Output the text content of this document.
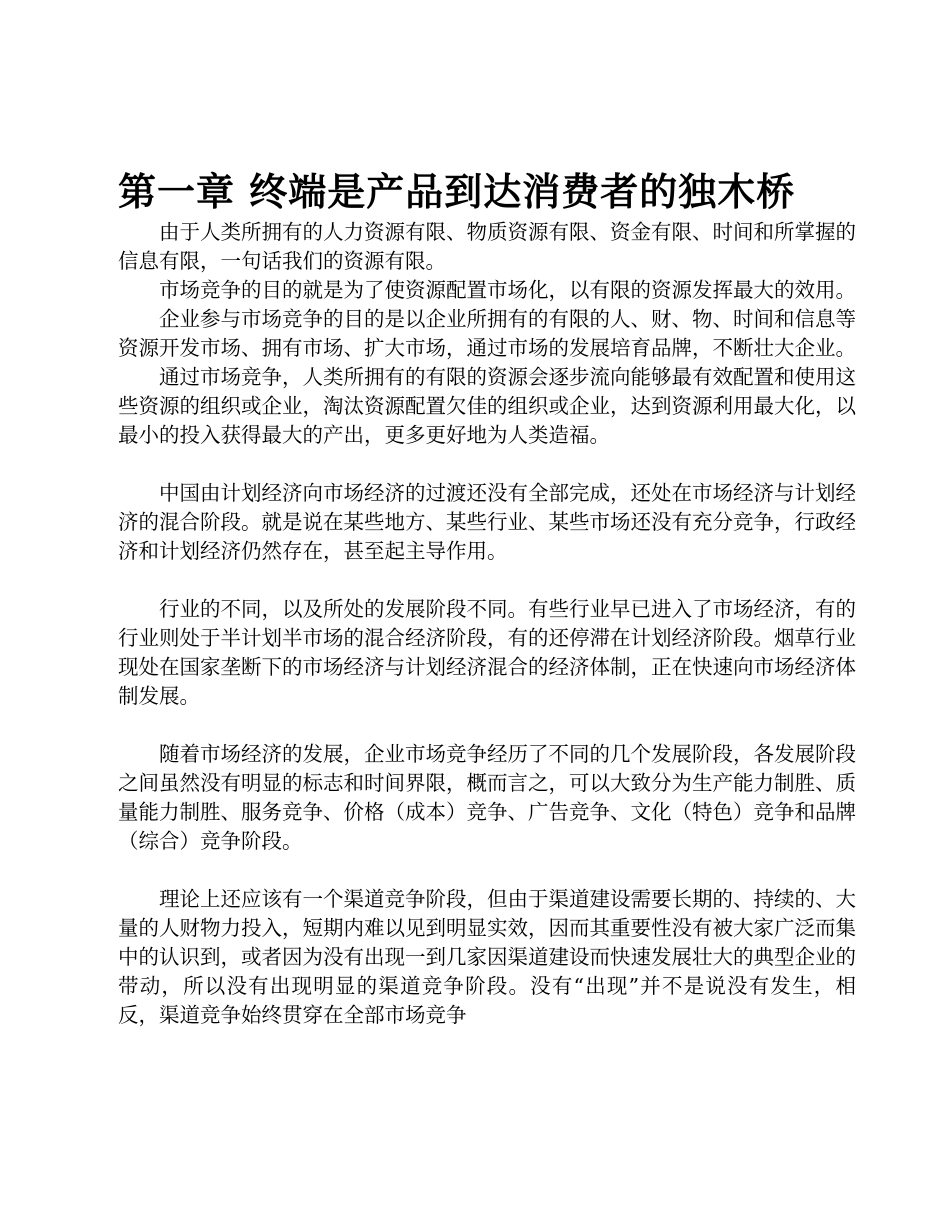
第一章 终端是产品到达消费者的独木桥

由于人类所拥有的人力资源有限、物质资源有限、资金有限、时间和所掌握的信息有限，一句话我们的资源有限。

市场竞争的目的就是为了使资源配置市场化，以有限的资源发挥最大的效用。

企业参与市场竞争的目的是以企业所拥有的有限的人、财、物、时间和信息等资源开发市场、拥有市场、扩大市场，通过市场的发展培育品牌，不断壮大企业。

通过市场竞争，人类所拥有的有限的资源会逐步流向能够最有效配置和使用这些资源的组织或企业，淘汰资源配置欠佳的组织或企业，达到资源利用最大化，以最小的投入获得最大的产出，更多更好地为人类造福。

中国由计划经济向市场经济的过渡还没有全部完成，还处在市场经济与计划经济的混合阶段。就是说在某些地方、某些行业、某些市场还没有充分竞争，行政经济和计划经济仍然存在，甚至起主导作用。

行业的不同，以及所处的发展阶段不同。有些行业早已进入了市场经济，有的行业则处于半计划半市场的混合经济阶段，有的还停滞在计划经济阶段。烟草行业现处在国家垄断下的市场经济与计划经济混合的经济体制，正在快速向市场经济体制发展。

随着市场经济的发展，企业市场竞争经历了不同的几个发展阶段，各发展阶段之间虽然没有明显的标志和时间界限，概而言之，可以大致分为生产能力制胜、质量能力制胜、服务竞争、价格（成本）竞争、广告竞争、文化（特色）竞争和品牌（综合）竞争阶段。

理论上还应该有一个渠道竞争阶段，但由于渠道建设需要长期的、持续的、大量的人财物力投入，短期内难以见到明显实效，因而其重要性没有被大家广泛而集中的认识到，或者因为没有出现一到几家因渠道建设而快速发展壮大的典型企业的带动，所以没有出现明显的渠道竞争阶段。没有“出现”并不是说没有发生，相反，渠道竞争始终贯穿在全部市场竞争
